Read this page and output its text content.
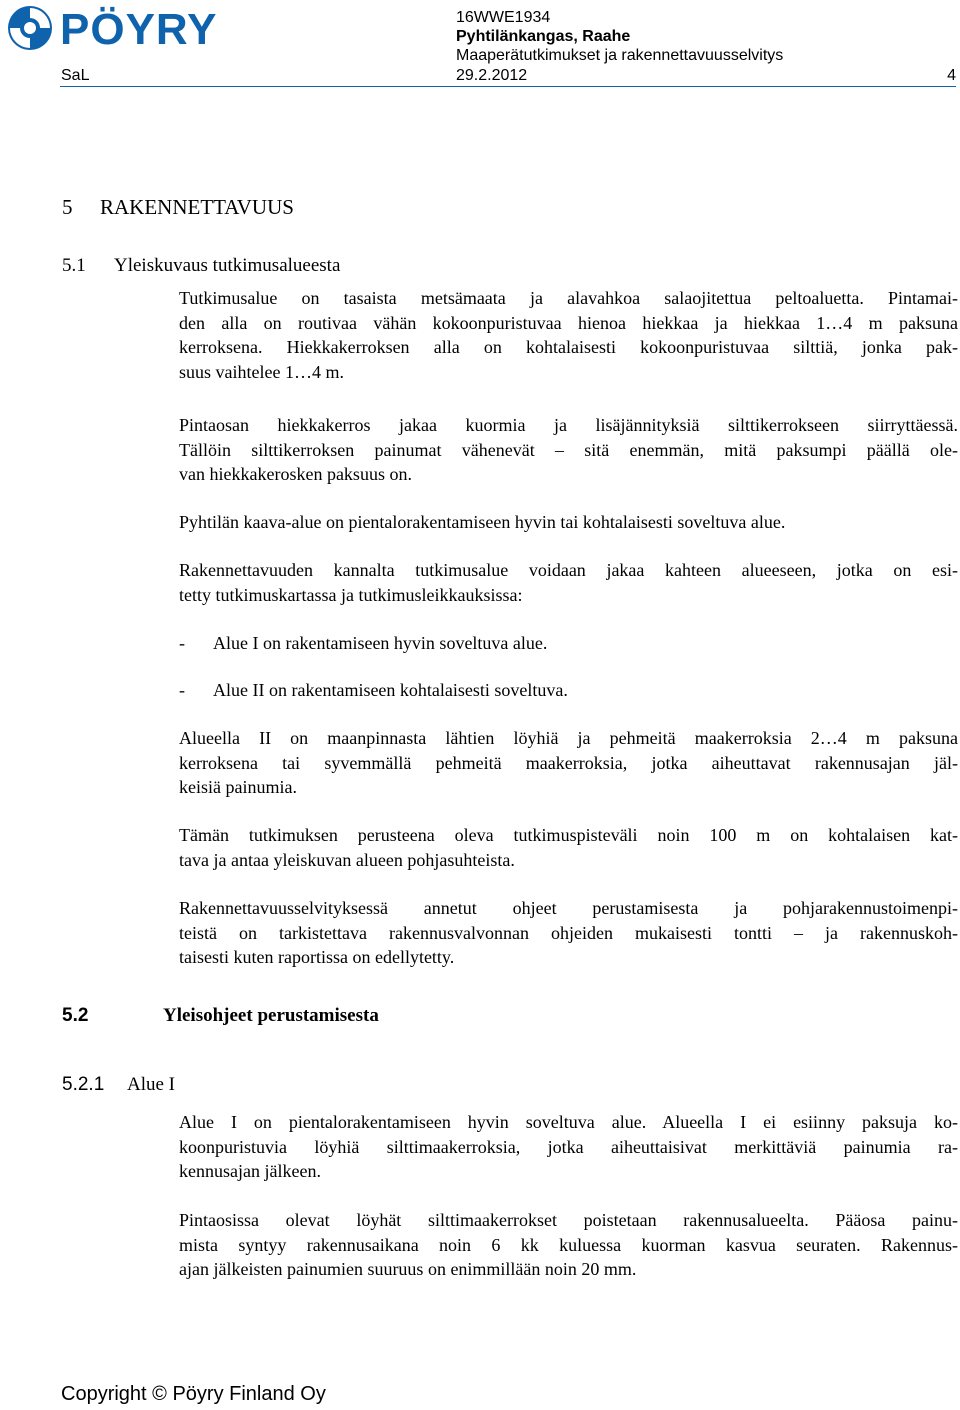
PÖYRY	16WWE1934
Pyhtilänkangas, Raahe
Maaperätutkimukset ja rakennettavuusselvitys
SaL	29.2.2012	4
5 RAKENNETTAVUUS
5.1 Yleiskuvaus tutkimusalueesta
Tutkimusalue on tasaista metsämaata ja alavahkoa salaojitettua peltoaluetta. Pintamai-
den alla on routivaa vähän kokoonpuristuvaa hienoa hiekkaa ja hiekkaa 1…4 m paksuna
kerroksena. Hiekkakerroksen alla on kohtalaisesti kokoonpuristuvaa silttiä, jonka pak-
suus vaihtelee 1…4 m.
Pintaosan hiekkakerros jakaa kuormia ja lisäjännityksiä silttikerrokseen siirryttäessä.
Tällöin silttikerroksen painumat vähenevät – sitä enemmän, mitä paksumpi päällä ole-
van hiekkakerosken paksuus on.
Pyhtilän kaava-alue on pientalorakentamiseen hyvin tai kohtalaisesti soveltuva alue.
Rakennettavuuden kannalta tutkimusalue voidaan jakaa kahteen alueeseen, jotka on esi-
tetty tutkimuskartassa ja tutkimusleikkauksissa:
- Alue I on rakentamiseen hyvin soveltuva alue.
- Alue II on rakentamiseen kohtalaisesti soveltuva.
Alueella II on maanpinnasta lähtien löyhiä ja pehmeitä maakerroksia 2…4 m paksuna
kerroksena tai syvemmällä pehmeitä maakerroksia, jotka aiheuttavat rakennusajan jäl-
keisiä painumia.
Tämän tutkimuksen perusteena oleva tutkimuspisteväli noin 100 m on kohtalaisen kat-
tava ja antaa yleiskuvan alueen pohjasuhteista.
Rakennettavuusselvityksessä annetut ohjeet perustamisesta ja pohjarakennustoimenpi-
teistä on tarkistettava rakennusvalvonnan ohjeiden mukaisesti tontti – ja rakennuskoh-
taisesti kuten raportissa on edellytetty.
5.2	Yleisohjeet perustamisesta
5.2.1 Alue I
Alue I on pientalorakentamiseen hyvin soveltuva alue. Alueella I ei esiinny paksuja ko-
koonpuristuvia löyhiä silttimaakerroksia, jotka aiheuttaisivat merkittäviä painumia ra-
kennusajan jälkeen.
Pintaosissa olevat löyhät silttimaakerrokset poistetaan rakennusalueelta. Pääosa painu-
mista syntyy rakennusaikana noin 6 kk kuluessa kuorman kasvua seuraten. Rakennus-
ajan jälkeisten painumien suuruus on enimmillään noin 20 mm.
Copyright © Pöyry Finland Oy
